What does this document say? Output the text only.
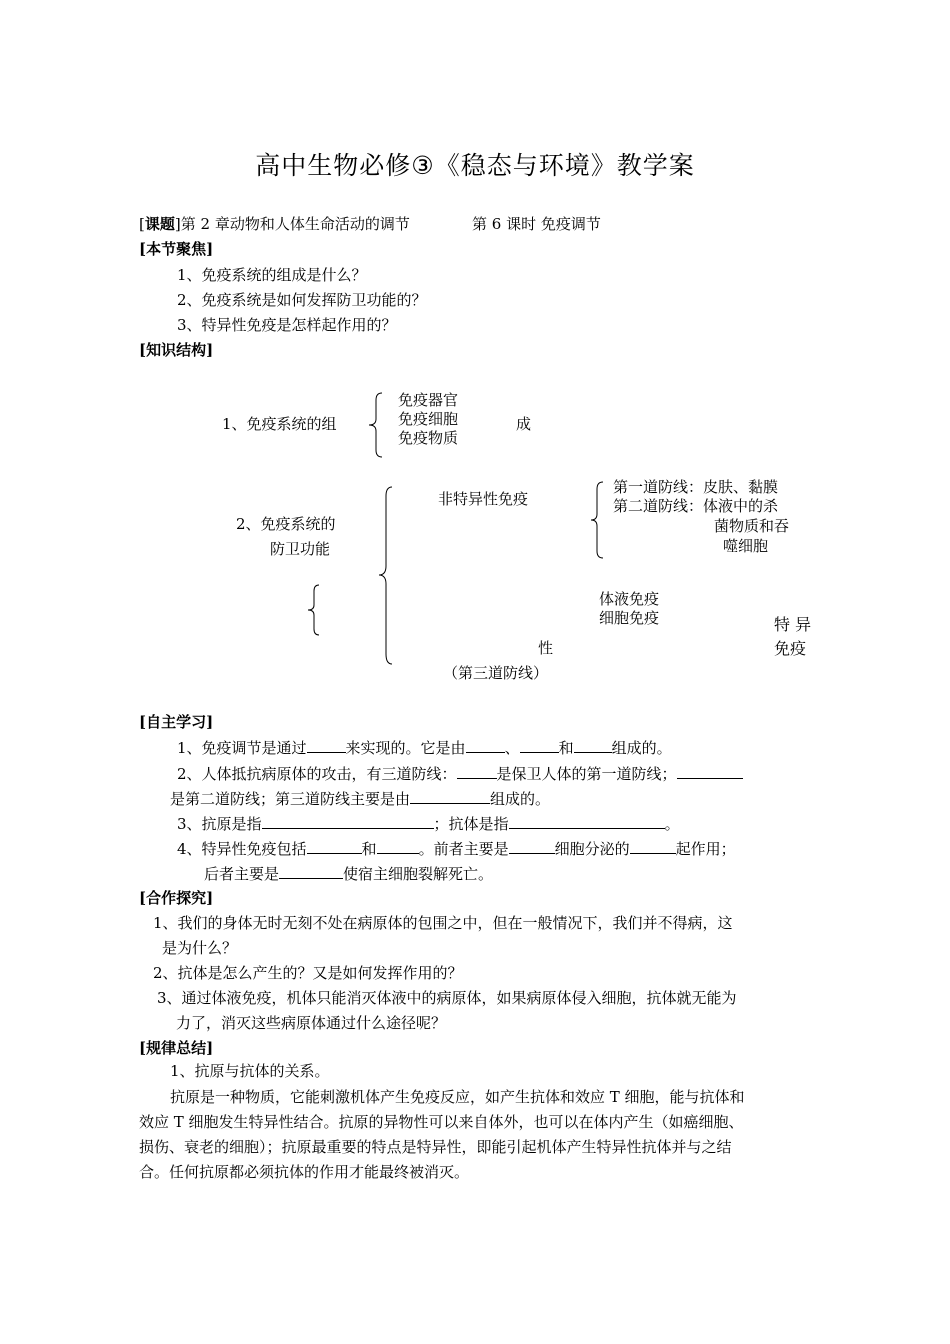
高中生物必修③《稳态与环境》教学案
[课题]第 2 章动物和人体生命活动的调节	第 6 课时 免疫调节
[本节聚焦]
1、免疫系统的组成是什么？
2、免疫系统是如何发挥防卫功能的？
3、特异性免疫是怎样起作用的？
[知识结构]
1、免疫系统的组
免疫器官
免疫细胞
免疫物质
成
2、免疫系统的
防卫功能
非特异性免疫
第一道防线：皮肤、黏膜
第二道防线：体液中的杀
菌物质和吞
噬细胞
体液免疫
细胞免疫	特 异
免疫
性
（第三道防线）
[自主学习]
1、免疫调节是通过	来实现的。它是由	、	和	组成的。
2、人体抵抗病原体的攻击，有三道防线：	是保卫人体的第一道防线；
是第二道防线；第三道防线主要是由	组成的。
3、抗原是指	；抗体是指	。
4、特异性免疫包括	和	。前者主要是	细胞分泌的	起作用；
后者主要是	使宿主细胞裂解死亡。
[合作探究]
1、我们的身体无时无刻不处在病原体的包围之中，但在一般情况下，我们并不得病，这
是为什么？
2、抗体是怎么产生的？又是如何发挥作用的？
3、通过体液免疫，机体只能消灭体液中的病原体，如果病原体侵入细胞，抗体就无能为
力了，消灭这些病原体通过什么途径呢？
[规律总结]
1、抗原与抗体的关系。
抗原是一种物质，它能刺激机体产生免疫反应，如产生抗体和效应 T 细胞，能与抗体和
效应 T 细胞发生特异性结合。抗原的异物性可以来自体外，也可以在体内产生（如癌细胞、
损伤、衰老的细胞）；抗原最重要的特点是特异性，即能引起机体产生特异性抗体并与之结
合。任何抗原都必须抗体的作用才能最终被消灭。
